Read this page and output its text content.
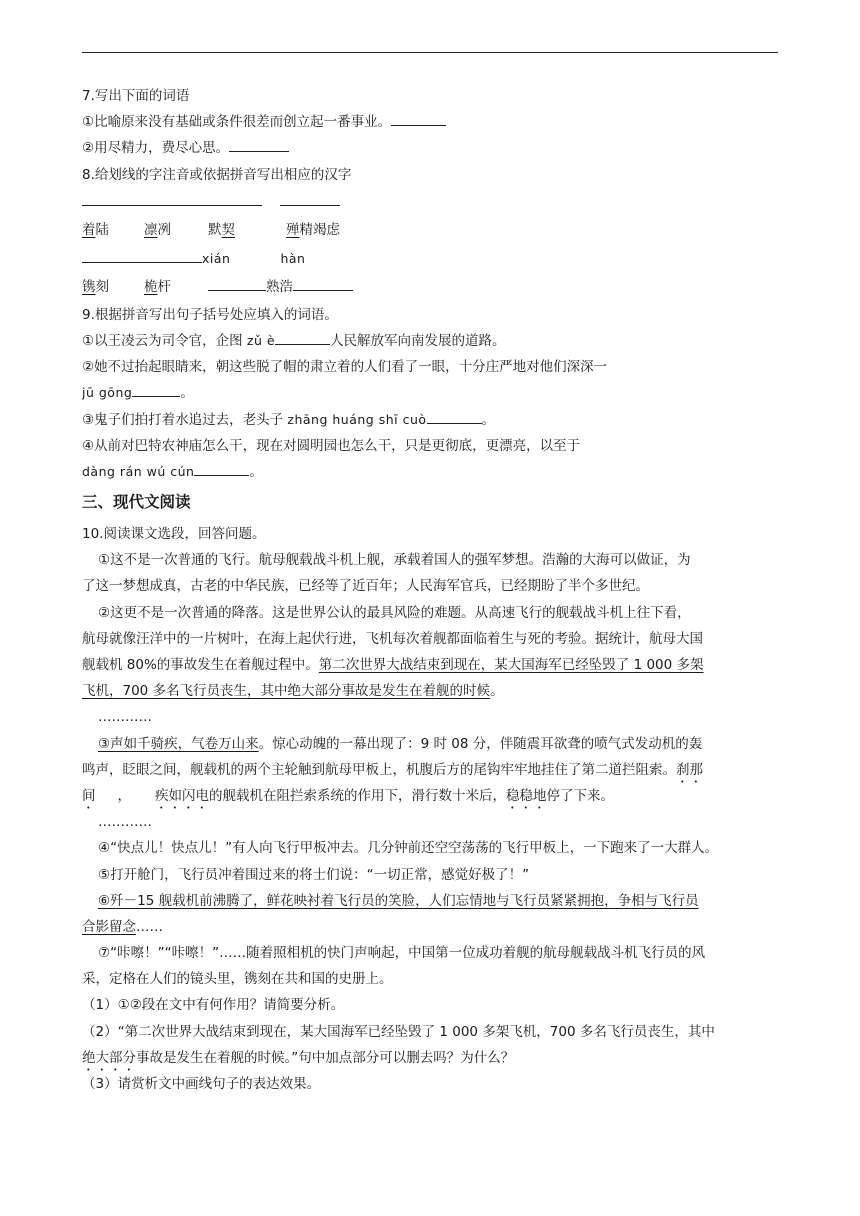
7.写出下面的词语
①比喻原来没有基础或条件很差而创立起一番事业。
②用尽精力，费尽心思。
8.给划线的字注音或依据拼音写出相应的汉字
着陆	凛冽	默契	殚精竭虑
xián	hàn
镌刻	桅杆	熟浩
9.根据拼音写出句子括号处应填入的词语。
①以王凌云为司令官，企图 zǔ è	人民解放军向南发展的道路。
②她不过抬起眼睛来，朝这些脱了帽的肃立着的人们看了一眼，十分庄严地对他们深深一
jū gōng	。
③鬼子们拍打着水追过去，老头子 zhāng huáng shī cuò	。
④从前对巴特农神庙怎么干，现在对圆明园也怎么干，只是更彻底，更漂亮，以至于
dàng rán wú cún	。
三、现代文阅读
10.阅读课文选段，回答问题。
①这不是一次普通的飞行。航母舰载战斗机上舰，承载着国人的强军梦想。浩瀚的大海可以做证，为
了这一梦想成真，古老的中华民族，已经等了近百年；人民海军官兵，已经期盼了半个多世纪。
②这更不是一次普通的降落。这是世界公认的最具风险的难题。从高速飞行的舰载战斗机上往下看，
航母就像汪洋中的一片树叶，在海上起伏行进，飞机每次着舰都面临着生与死的考验。据统计，航母大国
舰载机 80%的事故发生在着舰过程中。第二次世界大战结束到现在，某大国海军已经坠毁了 1 000 多架
飞机，700 多名飞行员丧生，其中绝大部分事故是发生在着舰的时候。
…………
③声如千骑疾，气卷万山来。惊心动魄的一幕出现了：9 时 08 分，伴随震耳欲聋的喷气式发动机的轰
鸣声，眨眼之间，舰载机的两个主轮触到航母甲板上，机腹后方的尾钩牢牢地挂住了第二道拦阻索。刹那
间 ， 疾如闪电的舰载机在阻拦索系统的作用下，滑行数十米后，稳稳地停了下来。
…………
④“快点儿！快点儿！”有人向飞行甲板冲去。几分钟前还空空荡荡的飞行甲板上，一下跑来了一大群人。
⑤打开舱门，飞行员冲着围过来的将士们说：“一切正常，感觉好极了！”
⑥歼－15 舰载机前沸腾了，鲜花映衬着飞行员的笑脸，人们忘情地与飞行员紧紧拥抱，争相与飞行员
合影留念……
⑦“咔嚓！”“咔嚓！”……随着照相机的快门声响起，中国第一位成功着舰的航母舰载战斗机飞行员的风
采，定格在人们的镜头里，镌刻在共和国的史册上。
（1）①②段在文中有何作用？请简要分析。
（2）“第二次世界大战结束到现在，某大国海军已经坠毁了 1 000 多架飞机，700 多名飞行员丧生，其中
绝大部分事故是发生在着舰的时候。”句中加点部分可以删去吗？为什么？
（3）请赏析文中画线句子的表达效果。
